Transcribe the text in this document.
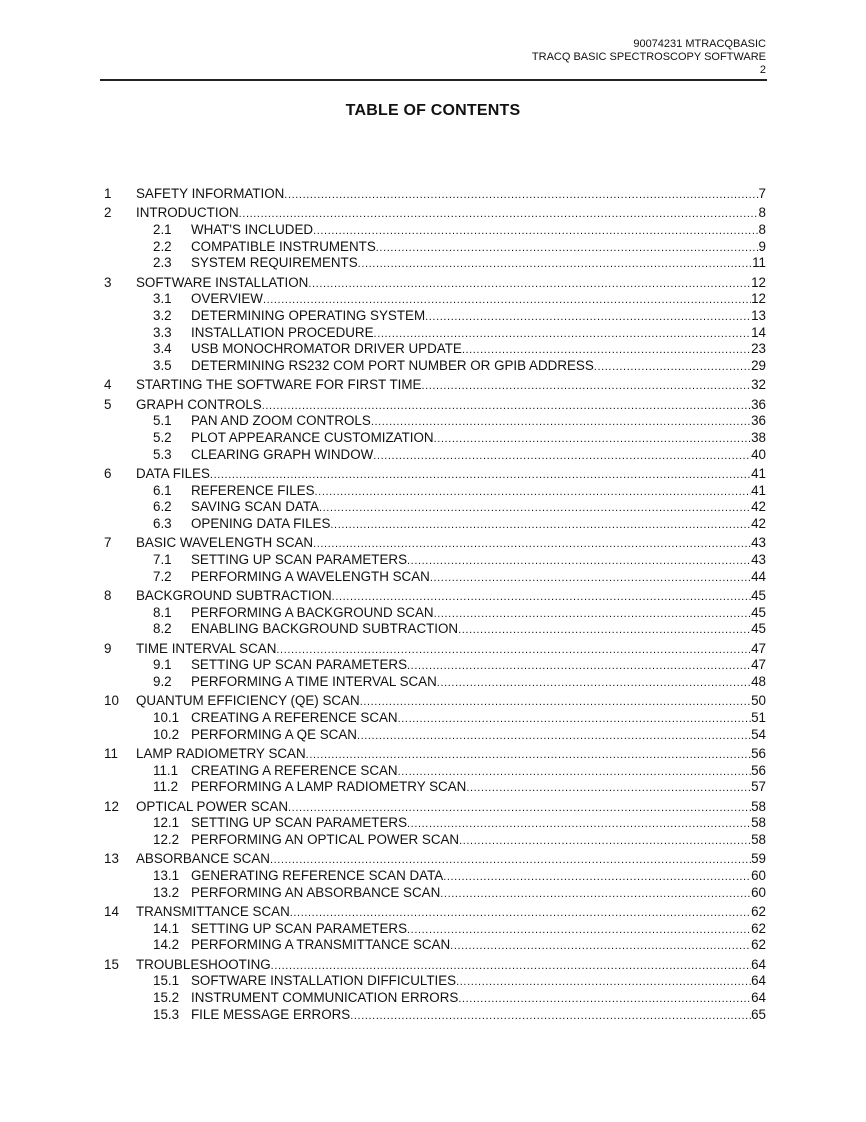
90074231 MTRACQBASIC
TRACQ BASIC SPECTROSCOPY SOFTWARE
2
TABLE OF CONTENTS
1 SAFETY INFORMATION .....	7
2 INTRODUCTION .....	8
2.1 WHAT'S INCLUDED .....	8
2.2 COMPATIBLE INSTRUMENTS .....	9
2.3 SYSTEM REQUIREMENTS .....	11
3 SOFTWARE INSTALLATION .....	12
3.1 OVERVIEW .....	12
3.2 DETERMINING OPERATING SYSTEM .....	13
3.3 INSTALLATION PROCEDURE .....	14
3.4 USB MONOCHROMATOR DRIVER UPDATE .....	23
3.5 DETERMINING RS232 COM PORT NUMBER OR GPIB ADDRESS .....	29
4 STARTING THE SOFTWARE FOR FIRST TIME .....	32
5 GRAPH CONTROLS .....	36
5.1 PAN AND ZOOM CONTROLS .....	36
5.2 PLOT APPEARANCE CUSTOMIZATION .....	38
5.3 CLEARING GRAPH WINDOW .....	40
6 DATA FILES .....	41
6.1 REFERENCE FILES .....	41
6.2 SAVING SCAN DATA .....	42
6.3 OPENING DATA FILES .....	42
7 BASIC WAVELENGTH SCAN .....	43
7.1 SETTING UP SCAN PARAMETERS .....	43
7.2 PERFORMING A WAVELENGTH SCAN .....	44
8 BACKGROUND SUBTRACTION .....	45
8.1 PERFORMING A BACKGROUND SCAN .....	45
8.2 ENABLING BACKGROUND SUBTRACTION .....	45
9 TIME INTERVAL SCAN .....	47
9.1 SETTING UP SCAN PARAMETERS .....	47
9.2 PERFORMING A TIME INTERVAL SCAN .....	48
10 QUANTUM EFFICIENCY (QE) SCAN .....	50
10.1 CREATING A REFERENCE SCAN .....	51
10.2 PERFORMING A QE SCAN .....	54
11 LAMP RADIOMETRY SCAN .....	56
11.1 CREATING A REFERENCE SCAN .....	56
11.2 PERFORMING A LAMP RADIOMETRY SCAN .....	57
12 OPTICAL POWER SCAN .....	58
12.1 SETTING UP SCAN PARAMETERS .....	58
12.2 PERFORMING AN OPTICAL POWER SCAN .....	58
13 ABSORBANCE SCAN .....	59
13.1 GENERATING REFERENCE SCAN DATA .....	60
13.2 PERFORMING AN ABSORBANCE SCAN .....	60
14 TRANSMITTANCE SCAN .....	62
14.1 SETTING UP SCAN PARAMETERS .....	62
14.2 PERFORMING A TRANSMITTANCE SCAN .....	62
15 TROUBLESHOOTING .....	64
15.1 SOFTWARE INSTALLATION DIFFICULTIES .....	64
15.2 INSTRUMENT COMMUNICATION ERRORS .....	64
15.3 FILE MESSAGE ERRORS .....	65
